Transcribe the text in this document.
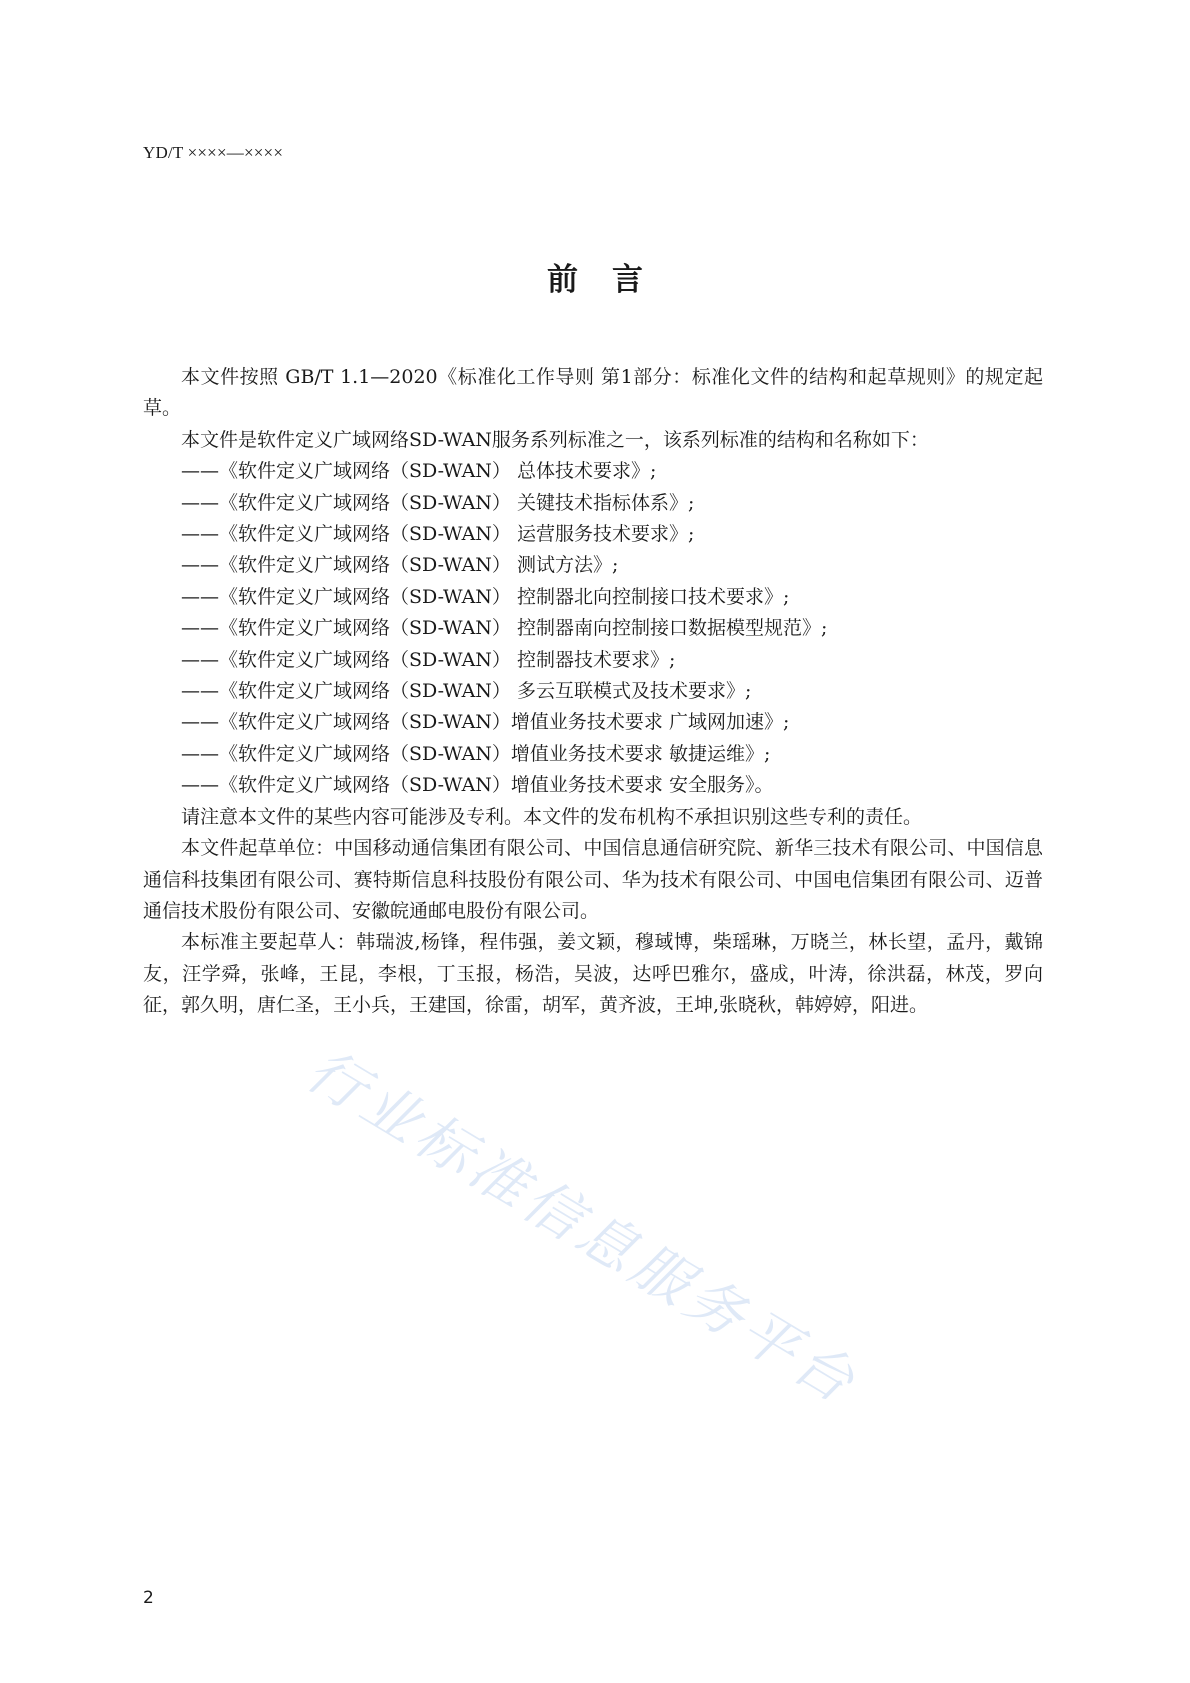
行业标准信息服务平台
YD/T ××××—××××
前言

本文件按照 GB/T 1.1—2020《标准化工作导则 第1部分：标准化文件的结构和起草规则》的规定起草。

本文件是软件定义广域网络SD-WAN服务系列标准之一，该系列标准的结构和名称如下：

——《软件定义广域网络（SD-WAN） 总体技术要求》;

——《软件定义广域网络（SD-WAN） 关键技术指标体系》;

——《软件定义广域网络（SD-WAN） 运营服务技术要求》;

——《软件定义广域网络（SD-WAN） 测试方法》;

——《软件定义广域网络（SD-WAN） 控制器北向控制接口技术要求》;

——《软件定义广域网络（SD-WAN） 控制器南向控制接口数据模型规范》;

——《软件定义广域网络（SD-WAN） 控制器技术要求》;

——《软件定义广域网络（SD-WAN） 多云互联模式及技术要求》;

——《软件定义广域网络（SD-WAN）增值业务技术要求 广域网加速》;

——《软件定义广域网络（SD-WAN）增值业务技术要求 敏捷运维》;

——《软件定义广域网络（SD-WAN）增值业务技术要求 安全服务》。

请注意本文件的某些内容可能涉及专利。本文件的发布机构不承担识别这些专利的责任。

本文件起草单位：中国移动通信集团有限公司、中国信息通信研究院、新华三技术有限公司、中国信息通信科技集团有限公司、赛特斯信息科技股份有限公司、华为技术有限公司、中国电信集团有限公司、迈普通信技术股份有限公司、安徽皖通邮电股份有限公司。

本标准主要起草人：韩瑞波,杨锋，程伟强，姜文颖，穆琙博，柴瑶琳，万晓兰，林长望，孟丹，戴锦友，汪学舜，张峰，王昆，李根，丁玉报，杨浩，吴波，达呼巴雅尔，盛成，叶涛，徐洪磊，林茂，罗向征，郭久明，唐仁圣，王小兵，王建国，徐雷，胡军，黄齐波，王坤,张晓秋，韩婷婷，阳进。

2
